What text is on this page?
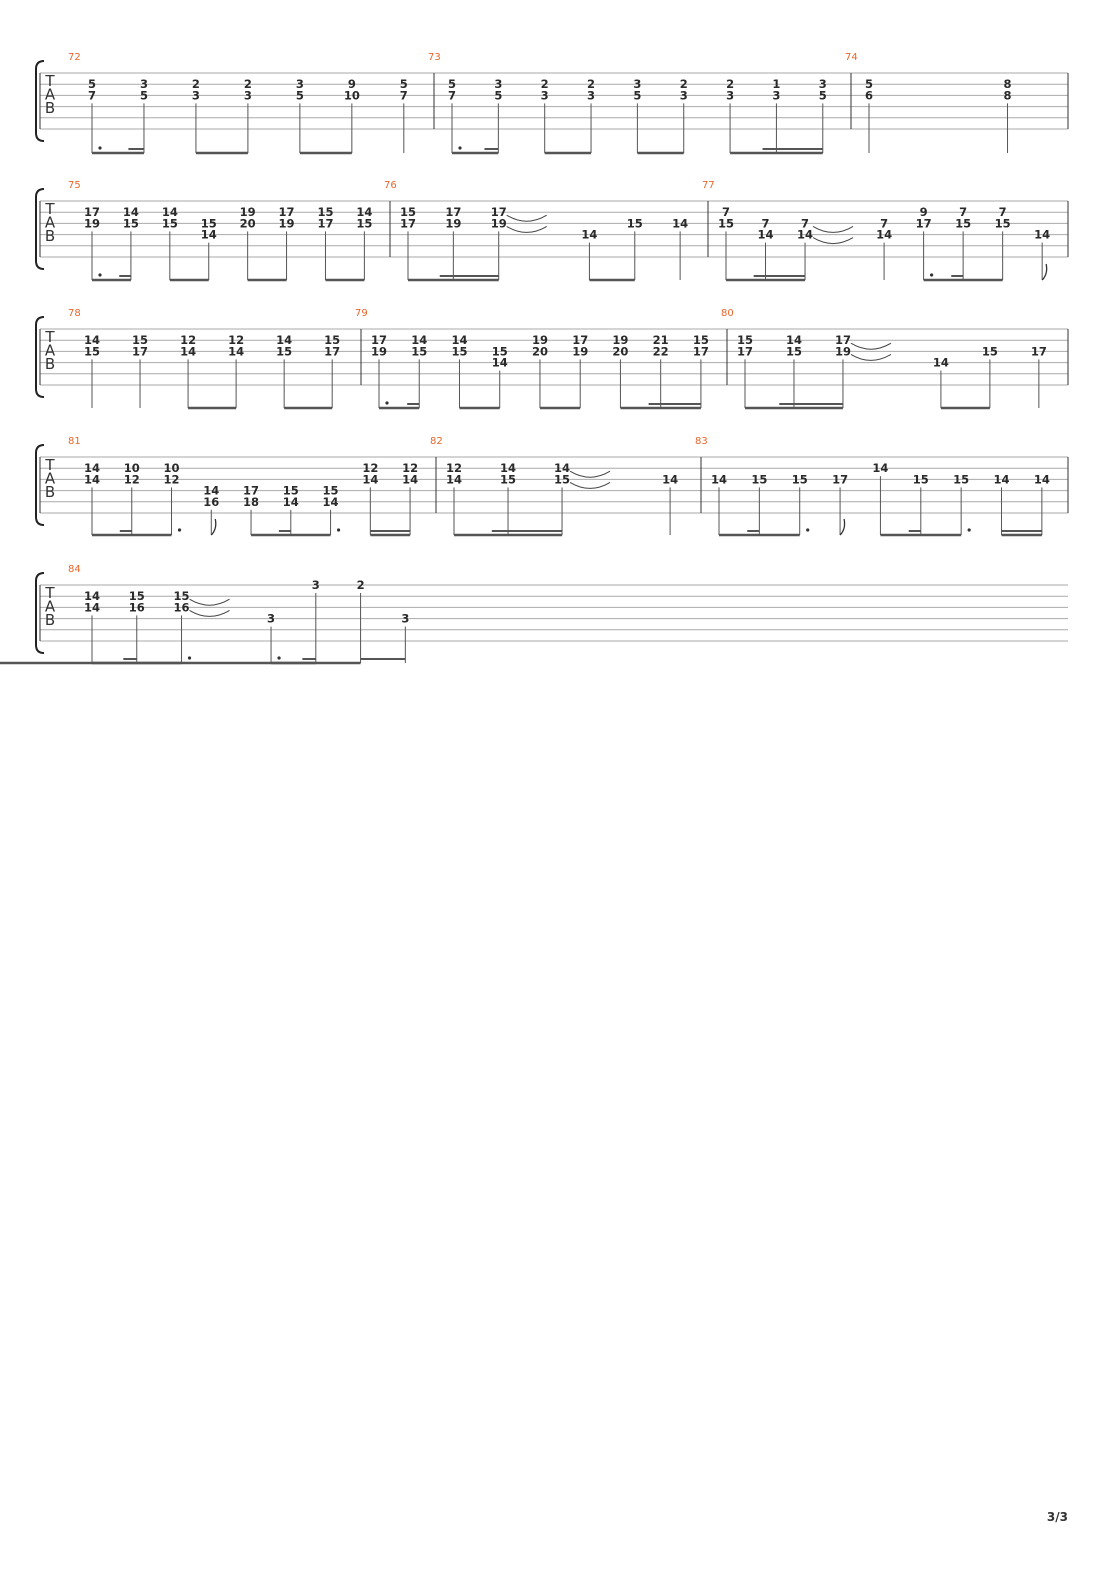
T
A
B
72
5
7
3
5
2
3
2
3
3
5
9
10
5
7
73
5
7
3
5
2
3
2
3
3
5
2
3
2
3
1
3
3
5
74
5
6
8
8
T
A
B
75
17
19
14
15
14
15 15
14
19
20
17
19
15
17
14
15
76
15
17
17
19
17
19
14
15	14
77
7
15 7
14
7
14
7
14
9
17
7
15
7
15
14
T
A
B
78
14
15
15
17
12
14
12
14
14
15
15
17
79
17
19
14
15
14
15 15
14
19
20
17
19
19
20
21
22
15
17
80
15
17
14
15
17
19
14
15	17
T
A
B
81
14
14
10
12
10
12
14
16
17
18
15
14
15
14
12
14
12
14
82
12
14
14
15
14
15	14
83
14 15 15 17
14
15 15 14 14
T
A
B
84
14
14
15
16
15
16
3
3	2
3
3/3
